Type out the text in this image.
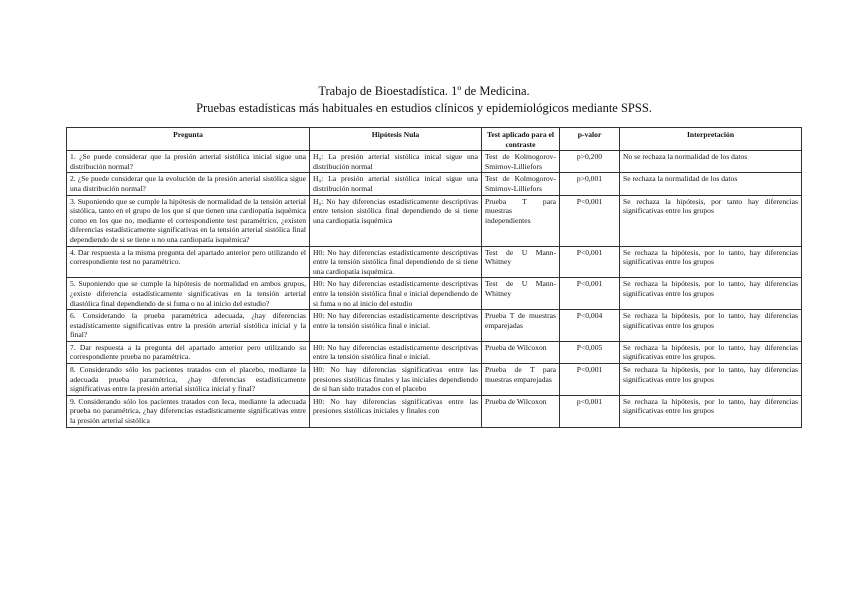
Trabajo de Bioestadística. 1º de Medicina.
Pruebas estadísticas más habituales en estudios clínicos y epidemiológicos mediante SPSS.
Pregunta	Hipótesis Nula	Test aplicado para el contraste	p-valor	Interpretación
1. ¿Se puede considerar que la presión arterial sistólica inicial sigue una distribución normal?	H₀: La presión arterial sistólica inical sigue una distribución normal	Test de Kolmogorov-Smirnov-Lilliefors	p>0,200	No se rechaza la normalidad de los datos
2. ¿Se puede considerar que la evolución de la presión arterial sistólica sigue una distribución normal?	H₀: La presión arterial sistólica inical sigue una distribución normal	Test de Kolmogorov-Smirnov-Lilliefors	p>0,001	Se rechaza la normalidad de los datos
3. Suponiendo que se cumple la hipótesis de normalidad de la tensión arterial sistólica, tanto en el grupo de los que sí que tienen una cardiopatía isquémica como en los que no, mediante el correspondiente test paramétrico, ¿existen diferencias estadísticamente significativas en la tensión arterial sistólica final dependiendo de si se tiene o no una cardiopatía isquémica?	H₀: No hay diferencias estadísticamente descriptivas entre tension sistólica final dependiendo de si tiene una cardiopatía isquémica	Prueba T para muestras independientes	P<0,001	Se rechaza la hipótesis, por tanto hay diferencias significativas entre los grupos
4. Dar respuesta a la misma pregunta del apartado anterior pero utilizando el correspondiente test no paramétrico.	H0: No hay diferencias estadísticamente descriptivas entre la tensión sistólica final dependiendo de si tiene una cardiopatía isquémica.	Test de U Mann-Whitney	P<0,001	Se rechaza la hipótesis, por lo tanto, hay diferencias significativas entre los grupos
5. Suponiendo que se cumple la hipótesis de normalidad en ambos grupos, ¿existe diferencia estadísticamente significativas en la tensión arterial diastólica final dependiendo de si fuma o no al inicio del estudio?	H0: No hay diferencias estadísticamente descriptivas entre la tensión sistólica final e inicial dependiendo de si fuma o no al inicio del estudio	Test de U Mann-Whitney	P<0,001	Se rechaza la hipótesis, por lo tanto, hay diferencias significativas entre los grupos
6. Considerando la prueba paramétrica adecuada, ¿hay diferencias estadísticamente significativas entre la presión arterial sistólica inicial y la final?	H0: No hay diferencias estadísticamente descriptivas entre la tensión sistólica final e inicial.	Prueba T de muestras emparejadas	P<0,004	Se rechaza la hipótesis, por lo tanto, hay diferencias significativas entre los grupos
7. Dar respuesta a la pregunta del apartado anterior pero utilizando su correspondiente prueba no paramétrica.	H0: No hay diferencias estadísticamente descriptivas entre la tensión sistólica final e inicial.	Prueba de Wilcoxon	P<0,005	Se rechaza la hipótesis, por lo tanto, hay diferencias significativas entre los grupos.
8. Considerando sólo los pacientes tratados con el placebo, mediante la adecuada prueba paramétrica, ¿hay diferencias estadísticamente significativas entre la presión arterial sistólica inicial y final?	H0: No hay diferencias significativas entre las presiones sistólicas finales y las iniciales dependiendo de si han sido tratados con el placebo	Prueba de T para muestras emparejadas	P<0,001	Se rechaza la hipótesis, por lo tanto, hay diferencias significativas entre los grupos
9. Considerando sólo los pacientes tratados con Ieca, mediante la adecuada prueba no paramétrica, ¿hay diferencias estadísticamente significativas entre la presión arterial sistólica	H0: No hay diferencias significativas entre las presiones sistólicas iniciales y finales con	Prueba de Wilcoxon	p<0,001	Se rechaza la hipótesis, por lo tanto, hay diferencias significativas entre los grupos
